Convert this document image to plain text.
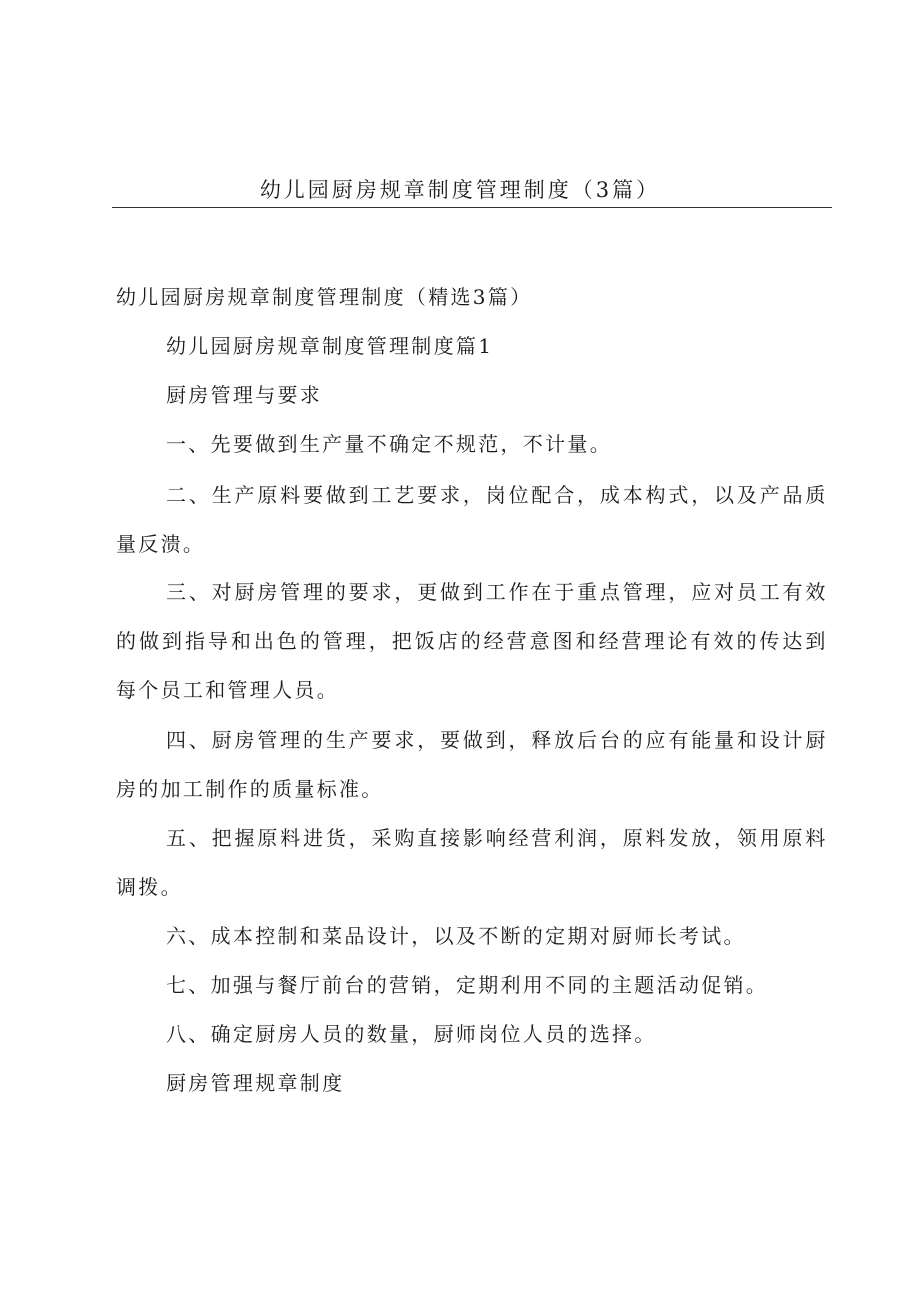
幼儿园厨房规章制度管理制度（3篇）
幼儿园厨房规章制度管理制度（精选3篇）
幼儿园厨房规章制度管理制度篇1
厨房管理与要求
一、先要做到生产量不确定不规范，不计量。
二、生产原料要做到工艺要求，岗位配合，成本构式，以及产品质
量反溃。
三、对厨房管理的要求，更做到工作在于重点管理，应对员工有效
的做到指导和出色的管理，把饭店的经营意图和经营理论有效的传达到
每个员工和管理人员。
四、厨房管理的生产要求，要做到，释放后台的应有能量和设计厨
房的加工制作的质量标准。
五、把握原料进货，采购直接影响经营利润，原料发放，领用原料
调拨。
六、成本控制和菜品设计，以及不断的定期对厨师长考试。
七、加强与餐厅前台的营销，定期利用不同的主题活动促销。
八、确定厨房人员的数量，厨师岗位人员的选择。
厨房管理规章制度
